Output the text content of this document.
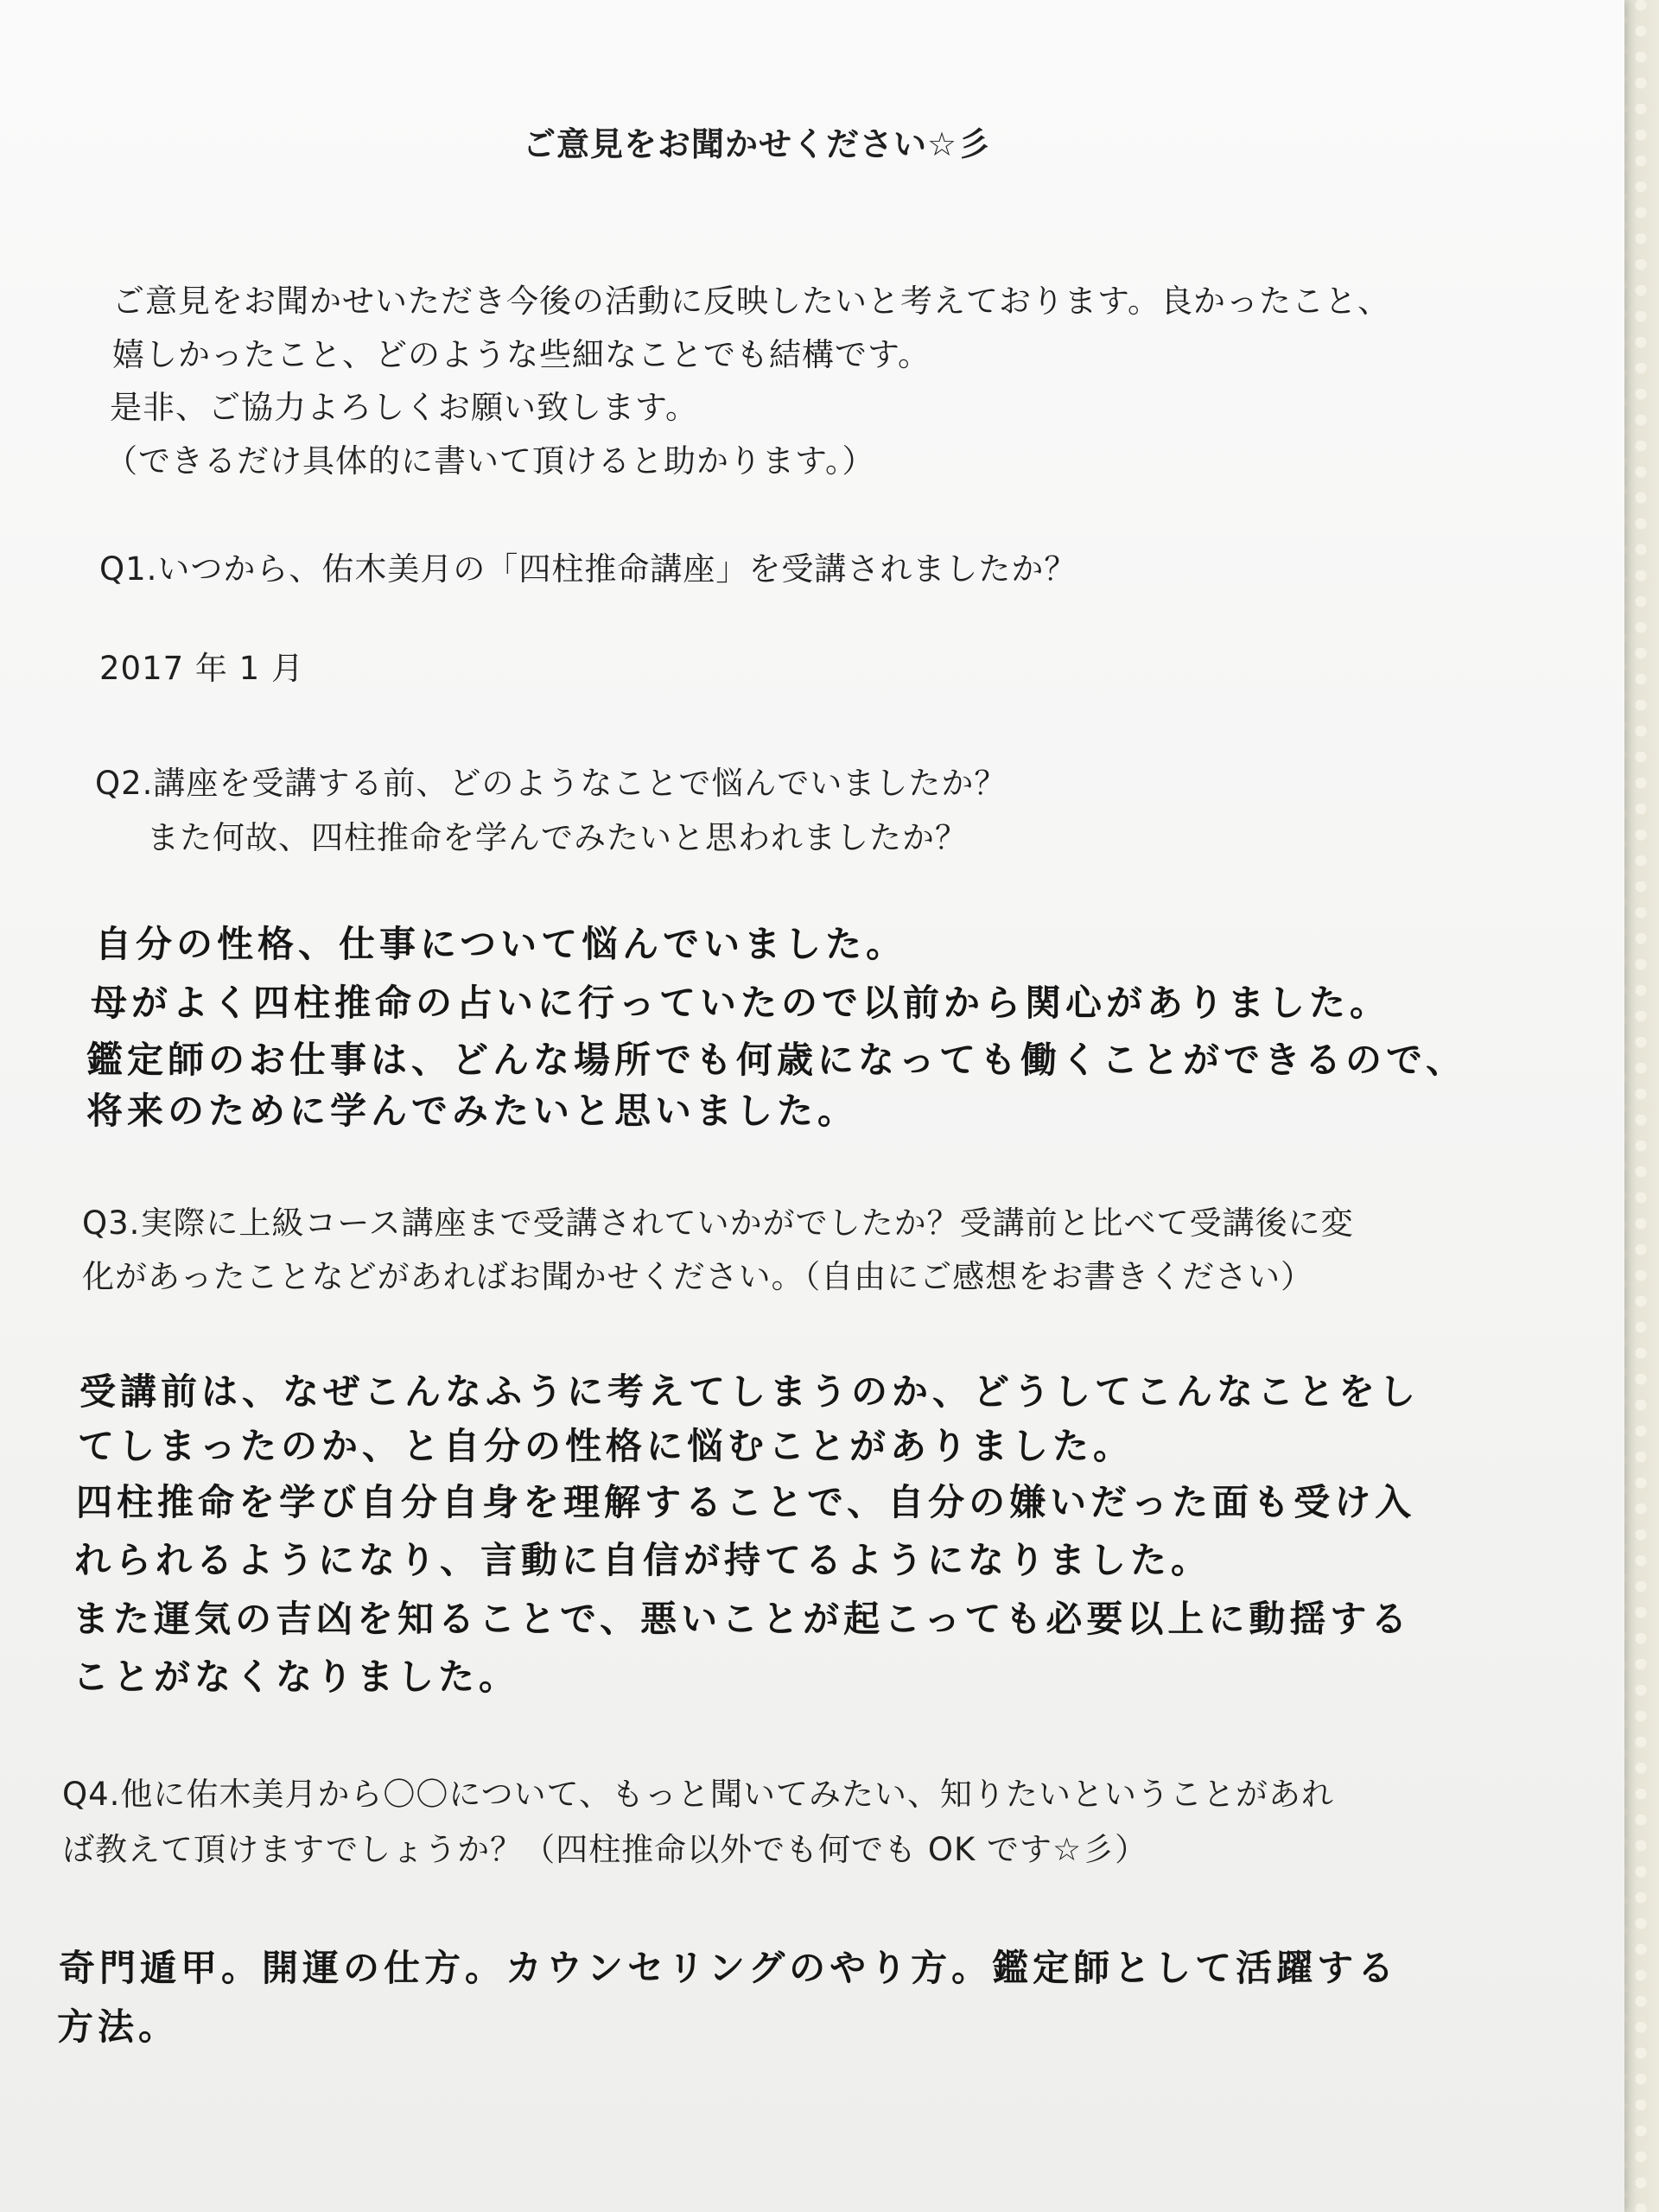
ご意見をお聞かせください☆彡
ご意見をお聞かせいただき今後の活動に反映したいと考えております。良かったこと、
嬉しかったこと、どのような些細なことでも結構です。
是非、ご協力よろしくお願い致します。
（できるだけ具体的に書いて頂けると助かります。）
Q1.いつから、佑木美月の「四柱推命講座」を受講されましたか？
2017 年 1 月
Q2.講座を受講する前、どのようなことで悩んでいましたか？
また何故、四柱推命を学んでみたいと思われましたか？
自分の性格、仕事について悩んでいました。
母がよく四柱推命の占いに行っていたので以前から関心がありました。
鑑定師のお仕事は、どんな場所でも何歳になっても働くことができるので、
将来のために学んでみたいと思いました。
Q3.実際に上級コース講座まで受講されていかがでしたか？受講前と比べて受講後に変
化があったことなどがあればお聞かせください。（自由にご感想をお書きください）
受講前は、なぜこんなふうに考えてしまうのか、どうしてこんなことをし
てしまったのか、と自分の性格に悩むことがありました。
四柱推命を学び自分自身を理解することで、自分の嫌いだった面も受け入
れられるようになり、言動に自信が持てるようになりました。
また運気の吉凶を知ることで、悪いことが起こっても必要以上に動揺する
ことがなくなりました。
Q4.他に佑木美月から〇〇について、もっと聞いてみたい、知りたいということがあれ
ば教えて頂けますでしょうか？（四柱推命以外でも何でも OK です☆彡）
奇門遁甲。開運の仕方。カウンセリングのやり方。鑑定師として活躍する
方法。
